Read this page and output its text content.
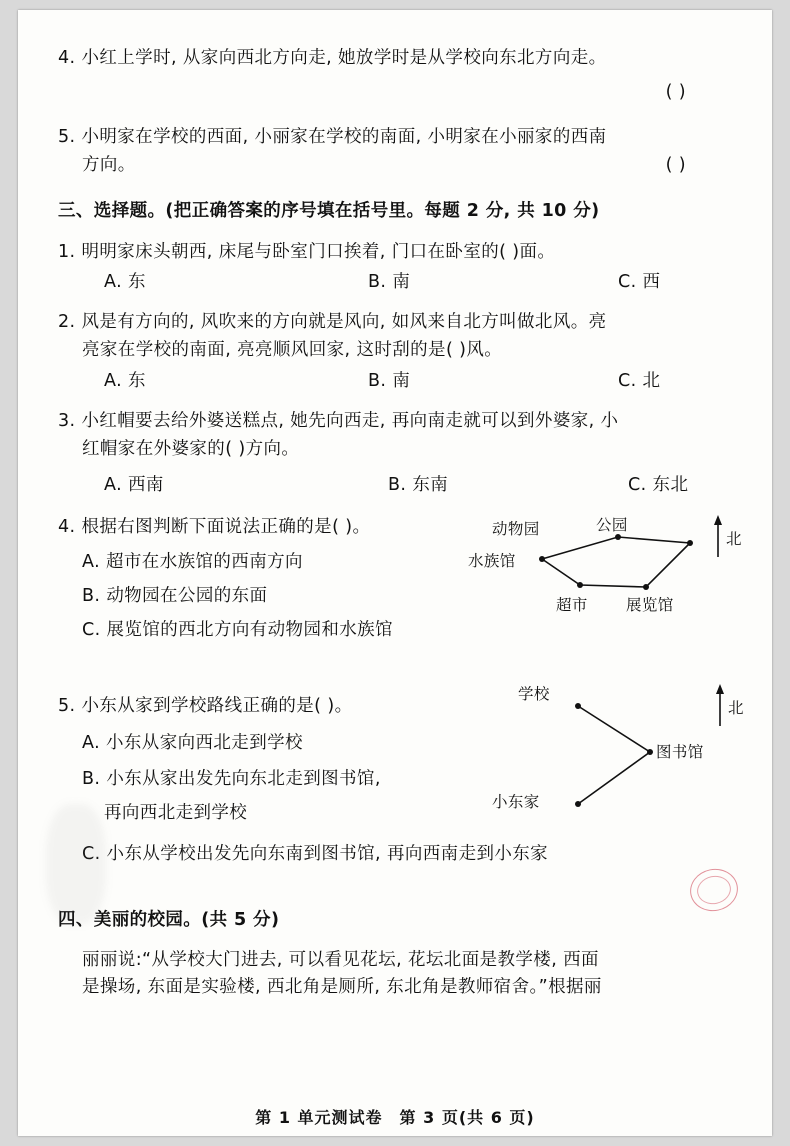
4. 小红上学时, 从家向西北方向走, 她放学时是从学校向东北方向走。
( )
5. 小明家在学校的西面, 小丽家在学校的南面, 小明家在小丽家的西南
方向。	( )
三、选择题。(把正确答案的序号填在括号里。每题 2 分, 共 10 分)
1. 明明家床头朝西, 床尾与卧室门口挨着, 门口在卧室的( )面。
A. 东	B. 南	C. 西
2. 风是有方向的, 风吹来的方向就是风向, 如风来自北方叫做北风。亮
亮家在学校的南面, 亮亮顺风回家, 这时刮的是( )风。
A. 东	B. 南	C. 北
3. 小红帽要去给外婆送糕点, 她先向西走, 再向南走就可以到外婆家, 小
红帽家在外婆家的( )方向。
A. 西南	B. 东南	C. 东北
4. 根据右图判断下面说法正确的是( )。
A. 超市在水族馆的西南方向
B. 动物园在公园的东面
C. 展览馆的西北方向有动物园和水族馆
动物园	公园
水族馆
超市 展览馆
北
5. 小东从家到学校路线正确的是( )。
A. 小东从家向西北走到学校
B. 小东从家出发先向东北走到图书馆,
再向西北走到学校
C. 小东从学校出发先向东南到图书馆, 再向西南走到小东家
学校
图书馆
小东家
北
四、美丽的校园。(共 5 分)
丽丽说:“从学校大门进去, 可以看见花坛, 花坛北面是教学楼, 西面
是操场, 东面是实验楼, 西北角是厕所, 东北角是教师宿舍。”根据丽
第 1 单元测试卷　第 3 页(共 6 页)
